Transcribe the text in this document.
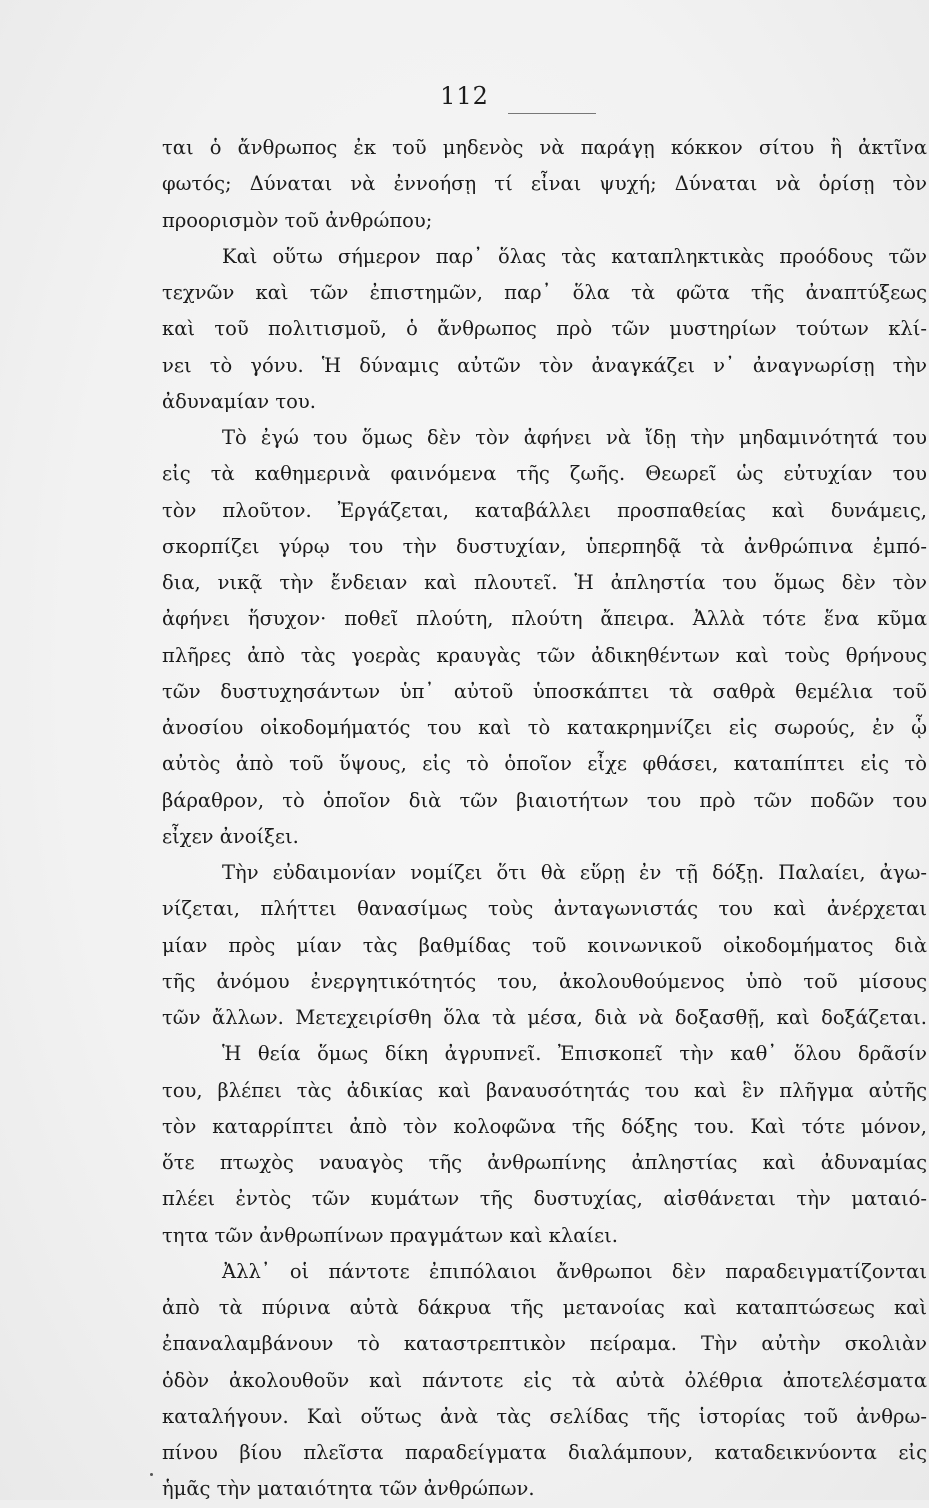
112
ται ὁ ἄνθρωπος ἐκ τοῦ μηδενὸς νὰ παράγῃ κόκκον σίτου ἢ ἀκτῖνα
φωτός; Δύναται νὰ ἐννοήσῃ τί εἶναι ψυχή; Δύναται νὰ ὁρίσῃ τὸν
προορισμὸν τοῦ ἀνθρώπου;
Καὶ οὕτω σήμερον παρ᾽ ὅλας τὰς καταπληκτικὰς προόδους τῶν
τεχνῶν καὶ τῶν ἐπιστημῶν, παρ᾽ ὅλα τὰ φῶτα τῆς ἀναπτύξεως
καὶ τοῦ πολιτισμοῦ, ὁ ἄνθρωπος πρὸ τῶν μυστηρίων τούτων κλί-
νει τὸ γόνυ. Ἡ δύναμις αὐτῶν τὸν ἀναγκάζει ν᾽ ἀναγνωρίσῃ τὴν
ἀδυναμίαν του.
Τὸ ἐγώ του ὅμως δὲν τὸν ἀφήνει νὰ ἴδῃ τὴν μηδαμινότητά του
εἰς τὰ καθημερινὰ φαινόμενα τῆς ζωῆς. Θεωρεῖ ὡς εὐτυχίαν του
τὸν πλοῦτον. Ἐργάζεται, καταβάλλει προσπαθείας καὶ δυνάμεις,
σκορπίζει γύρῳ του τὴν δυστυχίαν, ὑπερπηδᾷ τὰ ἀνθρώπινα ἐμπό-
δια, νικᾷ τὴν ἔνδειαν καὶ πλουτεῖ. Ἡ ἀπληστία του ὅμως δὲν τὸν
ἀφήνει ἥσυχον· ποθεῖ πλούτη, πλούτη ἄπειρα. Ἀλλὰ τότε ἕνα κῦμα
πλῆρες ἀπὸ τὰς γοερὰς κραυγὰς τῶν ἀδικηθέντων καὶ τοὺς θρήνους
τῶν δυστυχησάντων ὑπ᾽ αὐτοῦ ὑποσκάπτει τὰ σαθρὰ θεμέλια τοῦ
ἀνοσίου οἰκοδομήματός του καὶ τὸ κατακρημνίζει εἰς σωρούς, ἐν ᾧ
αὐτὸς ἀπὸ τοῦ ὕψους, εἰς τὸ ὁποῖον εἶχε φθάσει, καταπίπτει εἰς τὸ
βάραθρον, τὸ ὁποῖον διὰ τῶν βιαιοτήτων του πρὸ τῶν ποδῶν του
εἶχεν ἀνοίξει.
Τὴν εὐδαιμονίαν νομίζει ὅτι θὰ εὕρῃ ἐν τῇ δόξῃ. Παλαίει, ἀγω-
νίζεται, πλήττει θανασίμως τοὺς ἀνταγωνιστάς του καὶ ἀνέρχεται
μίαν πρὸς μίαν τὰς βαθμίδας τοῦ κοινωνικοῦ οἰκοδομήματος διὰ
τῆς ἀνόμου ἐνεργητικότητός του, ἀκολουθούμενος ὑπὸ τοῦ μίσους
τῶν ἄλλων. Μετεχειρίσθη ὅλα τὰ μέσα, διὰ νὰ δοξασθῇ, καὶ δοξάζεται.
Ἡ θεία ὅμως δίκη ἀγρυπνεῖ. Ἐπισκοπεῖ τὴν καθ᾽ ὅλου δρᾶσίν
του, βλέπει τὰς ἀδικίας καὶ βαναυσότητάς του καὶ ἓν πλῆγμα αὐτῆς
τὸν καταρρίπτει ἀπὸ τὸν κολοφῶνα τῆς δόξης του. Καὶ τότε μόνον,
ὅτε πτωχὸς ναυαγὸς τῆς ἀνθρωπίνης ἀπληστίας καὶ ἀδυναμίας
πλέει ἐντὸς τῶν κυμάτων τῆς δυστυχίας, αἰσθάνεται τὴν ματαιό-
τητα τῶν ἀνθρωπίνων πραγμάτων καὶ κλαίει.
Ἀλλ᾽ οἱ πάντοτε ἐπιπόλαιοι ἄνθρωποι δὲν παραδειγματίζονται
ἀπὸ τὰ πύρινα αὐτὰ δάκρυα τῆς μετανοίας καὶ καταπτώσεως καὶ
ἐπαναλαμβάνουν τὸ καταστρεπτικὸν πείραμα. Τὴν αὐτὴν σκολιὰν
ὁδὸν ἀκολουθοῦν καὶ πάντοτε εἰς τὰ αὐτὰ ὀλέθρια ἀποτελέσματα
καταλήγουν. Καὶ οὕτως ἀνὰ τὰς σελίδας τῆς ἱστορίας τοῦ ἀνθρω-
πίνου βίου πλεῖστα παραδείγματα διαλάμπουν, καταδεικνύοντα εἰς
ἡμᾶς τὴν ματαιότητα τῶν ἀνθρώπων.
